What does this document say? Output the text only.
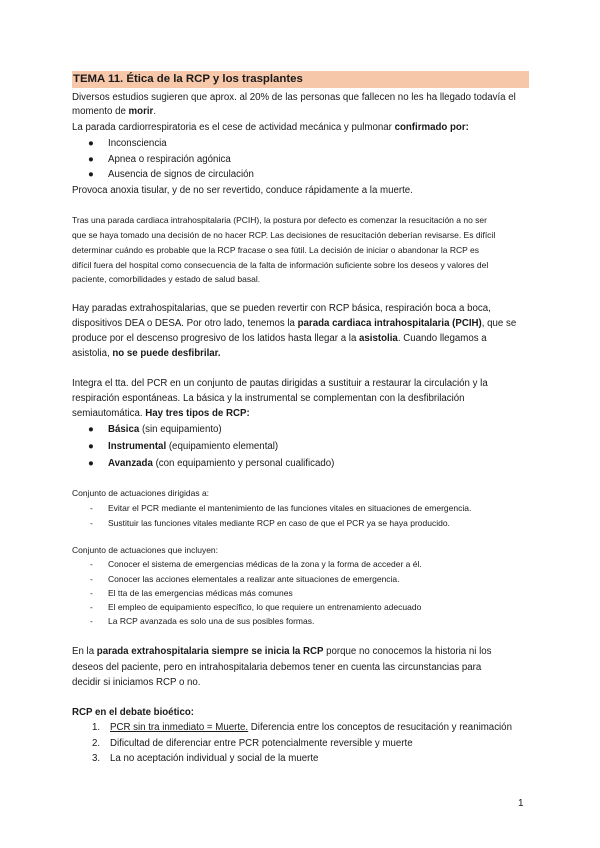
TEMA 11. Ética de la RCP y los trasplantes
Diversos estudios sugieren que aprox. al 20% de las personas que fallecen no les ha llegado todavía el
momento de morir.
La parada cardiorrespiratoria es el cese de actividad mecánica y pulmonar confirmado por:
● Inconsciencia
● Apnea o respiración agónica
● Ausencia de signos de circulación
Provoca anoxia tisular, y de no ser revertido, conduce rápidamente a la muerte.
Tras una parada cardiaca intrahospitalaria (PCIH), la postura por defecto es comenzar la resucitación a no ser
que se haya tomado una decisión de no hacer RCP. Las decisiones de resucitación deberían revisarse. Es difícil
determinar cuándo es probable que la RCP fracase o sea fútil. La decisión de iniciar o abandonar la RCP es
difícil fuera del hospital como consecuencia de la falta de información suficiente sobre los deseos y valores del
paciente, comorbilidades y estado de salud basal.
Hay paradas extrahospitalarias, que se pueden revertir con RCP básica, respiración boca a boca,
dispositivos DEA o DESA. Por otro lado, tenemos la parada cardiaca intrahospitalaria (PCIH), que se
produce por el descenso progresivo de los latidos hasta llegar a la asistolia. Cuando llegamos a
asistolia, no se puede desfibrilar.
Integra el tta. del PCR en un conjunto de pautas dirigidas a sustituir a restaurar la circulación y la
respiración espontáneas. La básica y la instrumental se complementan con la desfibrilación
semiautomática. Hay tres tipos de RCP:
● Básica (sin equipamiento)
● Instrumental (equipamiento elemental)
● Avanzada (con equipamiento y personal cualificado)
Conjunto de actuaciones dirigidas a:
- Evitar el PCR mediante el mantenimiento de las funciones vitales en situaciones de emergencia.
- Sustituir las funciones vitales mediante RCP en caso de que el PCR ya se haya producido.
Conjunto de actuaciones que incluyen:
- Conocer el sistema de emergencias médicas de la zona y la forma de acceder a él.
- Conocer las acciones elementales a realizar ante situaciones de emergencia.
- El tta de las emergencias médicas más comunes
- El empleo de equipamiento específico, lo que requiere un entrenamiento adecuado
- La RCP avanzada es solo una de sus posibles formas.
En la parada extrahospitalaria siempre se inicia la RCP porque no conocemos la historia ni los
deseos del paciente, pero en intrahospitalaria debemos tener en cuenta las circunstancias para
decidir si iniciamos RCP o no.
RCP en el debate bioético:
1. PCR sin tra inmediato = Muerte. Diferencia entre los conceptos de resucitación y reanimación
2. Dificultad de diferenciar entre PCR potencialmente reversible y muerte
3. La no aceptación individual y social de la muerte
1
